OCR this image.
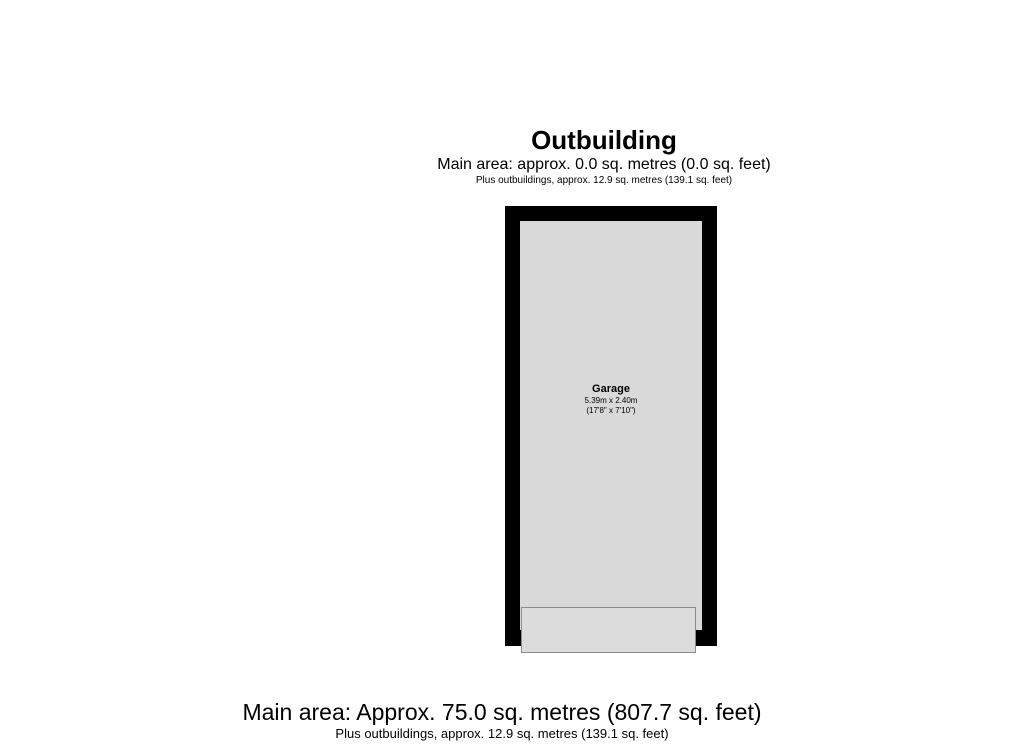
Outbuilding
Main area: approx. 0.0 sq. metres (0.0 sq. feet)
Plus outbuildings, approx. 12.9 sq. metres (139.1 sq. feet)
Garage
5.39m x 2.40m
(17'8" x 7'10")
Main area: Approx. 75.0 sq. metres (807.7 sq. feet)
Plus outbuildings, approx. 12.9 sq. metres (139.1 sq. feet)
